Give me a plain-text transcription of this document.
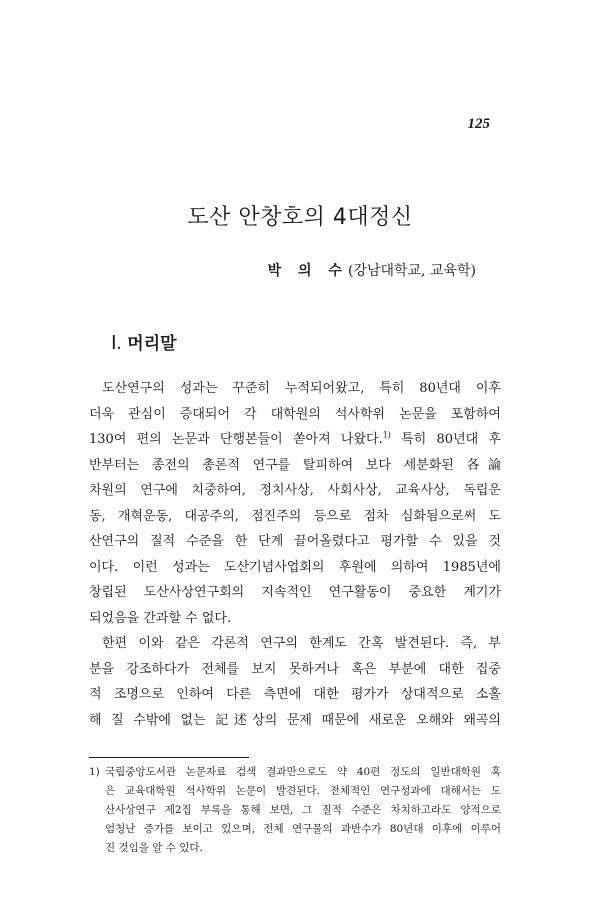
125
도산 안창호의 4대정신
박 의 수(강남대학교, 교육학)
Ⅰ. 머리말

도산연구의 성과는 꾸준히 누적되어왔고, 특히 80년대 이후
더욱 관심이 증대되어 각 대학원의 석사학위 논문을 포함하여
130여 편의 논문과 단행본들이 쏟아져 나왔다.$^{1)}$ 특히 80년대 후
반부터는 종전의 총론적 연구를 탈피하여 보다 세분화된 各論
차원의 연구에 치중하여, 정치사상, 사회사상, 교육사상, 독립운
동, 개혁운동, 대공주의, 점진주의 등으로 점차 심화됨으로써 도
산연구의 질적 수준을 한 단계 끌어올렸다고 평가할 수 있을 것
이다. 이런 성과는 도산기념사업회의 후원에 의하여 1985년에
창립된 도산사상연구회의 지속적인 연구활동이 중요한 계기가
되었음을 간과할 수 없다.

한편 이와 같은 각론적 연구의 한계도 간혹 발견된다. 즉, 부
분을 강조하다가 전체를 보지 못하거나 혹은 부분에 대한 집중
적 조명으로 인하여 다른 측면에 대한 평가가 상대적으로 소홀
해 질 수밖에 없는 記述상의 문제 때문에 새로운 오해와 왜곡의

1) 국립중앙도서관 논문자료 검색 결과만으로도 약 40편 정도의 일반대학원 혹
은 교육대학원 석사학위 논문이 발견된다. 전체적인 연구성과에 대해서는 도
산사상연구 제2집 부록을 통해 보면, 그 질적 수준은 차치하고라도 양적으로
엄청난 증가를 보이고 있으며, 전체 연구물의 과반수가 80년대 이후에 이루어
진 것임을 알 수 있다.
